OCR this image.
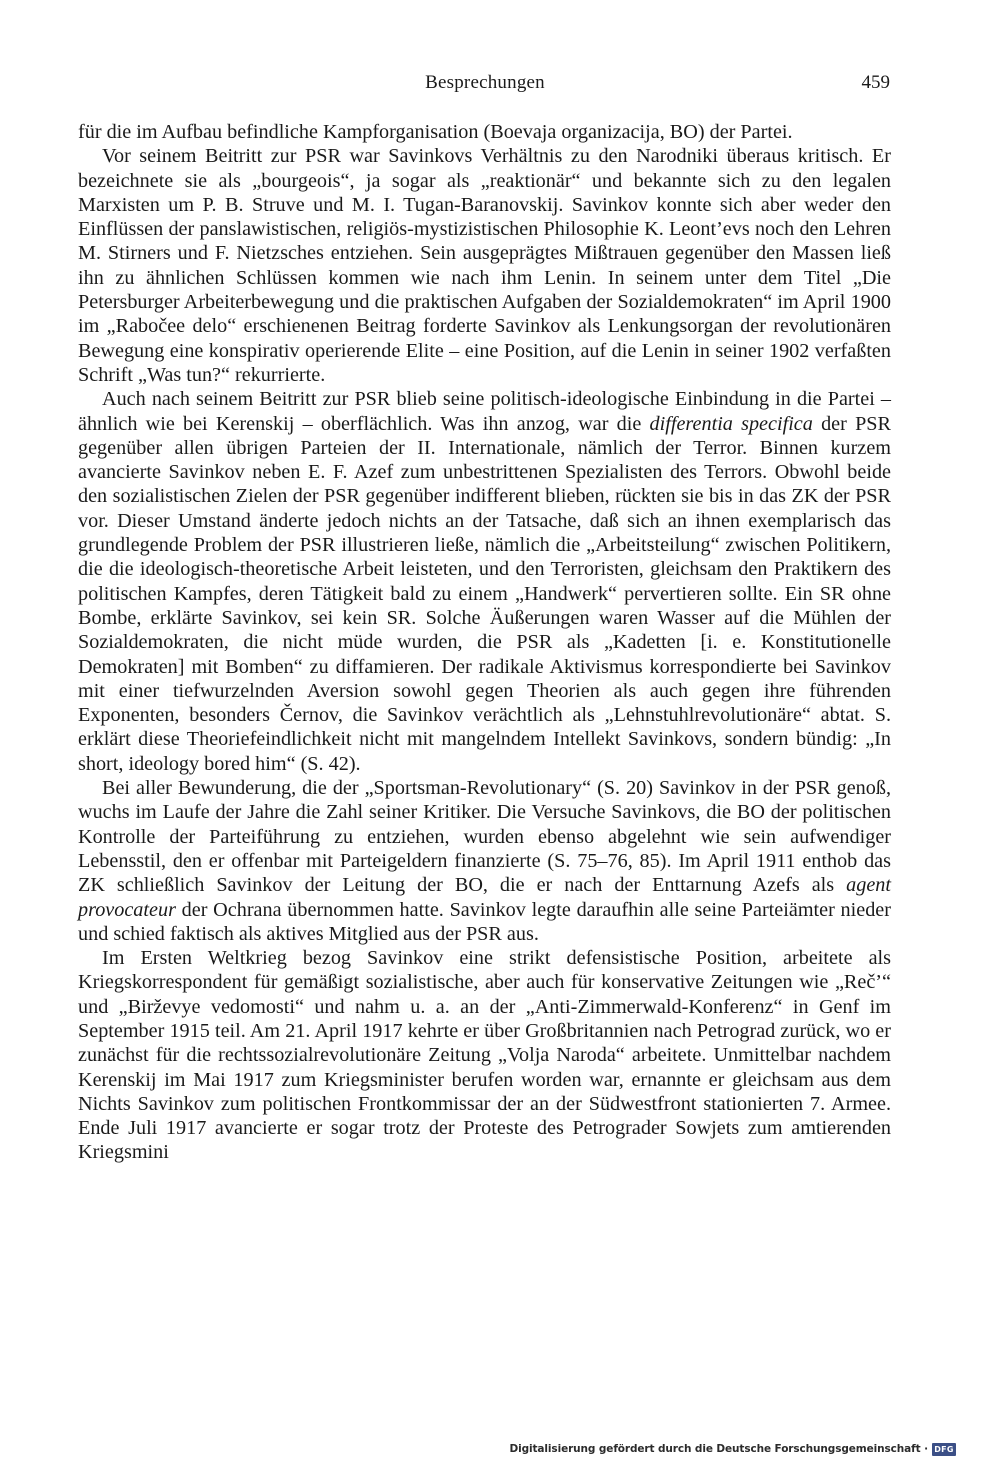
Besprechungen	459

für die im Aufbau befindliche Kampforganisation (Boevaja organizacija, BO) der Partei.

Vor seinem Beitritt zur PSR war Savinkovs Verhältnis zu den Narodniki überaus kritisch. Er bezeichnete sie als „bourgeois“, ja sogar als „reaktionär“ und bekannte sich zu den legalen Marxisten um P. B. Struve und M. I. Tugan-Baranovskij. Savinkov konnte sich aber weder den Einflüssen der panslawistischen, religiös-mystizistischen Philosophie K. Leont’evs noch den Lehren M. Stirners und F. Nietzsches entziehen. Sein ausgeprägtes Mißtrauen gegenüber den Massen ließ ihn zu ähnlichen Schlüssen kommen wie nach ihm Lenin. In seinem unter dem Titel „Die Petersburger Arbeiterbewegung und die praktischen Aufgaben der Sozialdemokraten“ im April 1900 im „Rabočee delo“ erschienenen Beitrag forderte Savinkov als Lenkungsorgan der revolutionären Bewegung eine konspirativ operierende Elite – eine Position, auf die Lenin in seiner 1902 verfaßten Schrift „Was tun?“ rekurrierte.

Auch nach seinem Beitritt zur PSR blieb seine politisch-ideologische Einbindung in die Partei – ähnlich wie bei Kerenskij – oberflächlich. Was ihn anzog, war die differentia specifica der PSR gegenüber allen übrigen Parteien der II. Internationale, nämlich der Terror. Binnen kurzem avancierte Savinkov neben E. F. Azef zum unbestrittenen Spezialisten des Terrors. Obwohl beide den sozialistischen Zielen der PSR gegenüber indifferent blieben, rückten sie bis in das ZK der PSR vor. Dieser Umstand änderte jedoch nichts an der Tatsache, daß sich an ihnen exemplarisch das grundlegende Problem der PSR illustrieren ließe, nämlich die „Arbeitsteilung“ zwischen Politikern, die die ideologisch-theoretische Arbeit leisteten, und den Terroristen, gleichsam den Praktikern des politischen Kampfes, deren Tätigkeit bald zu einem „Handwerk“ pervertieren sollte. Ein SR ohne Bombe, erklärte Savinkov, sei kein SR. Solche Äußerungen waren Wasser auf die Mühlen der Sozialdemokraten, die nicht müde wurden, die PSR als „Kadetten [i. e. Konstitutionelle Demokraten] mit Bomben“ zu diffamieren. Der radikale Aktivismus korrespondierte bei Savinkov mit einer tiefwurzelnden Aversion sowohl gegen Theorien als auch gegen ihre führenden Exponenten, besonders Černov, die Savinkov verächtlich als „Lehnstuhlrevolutionäre“ abtat. S. erklärt diese Theoriefeindlichkeit nicht mit mangelndem Intellekt Savinkovs, sondern bündig: „In short, ideology bored him“ (S. 42).

Bei aller Bewunderung, die der „Sportsman-Revolutionary“ (S. 20) Savinkov in der PSR genoß, wuchs im Laufe der Jahre die Zahl seiner Kritiker. Die Versuche Savinkovs, die BO der politischen Kontrolle der Parteiführung zu entziehen, wurden ebenso abgelehnt wie sein aufwendiger Lebensstil, den er offenbar mit Parteigeldern finanzierte (S. 75–76, 85). Im April 1911 enthob das ZK schließlich Savinkov der Leitung der BO, die er nach der Enttarnung Azefs als agent provocateur der Ochrana übernommen hatte. Savinkov legte daraufhin alle seine Parteiämter nieder und schied faktisch als aktives Mitglied aus der PSR aus.

Im Ersten Weltkrieg bezog Savinkov eine strikt defensistische Position, arbeitete als Kriegskorrespondent für gemäßigt sozialistische, aber auch für konservative Zeitungen wie „Reč’“ und „Birževye vedomosti“ und nahm u. a. an der „Anti-Zimmerwald-Konferenz“ in Genf im September 1915 teil. Am 21. April 1917 kehrte er über Großbritannien nach Petrograd zurück, wo er zunächst für die rechtssozialrevolutionäre Zeitung „Volja Naroda“ arbeitete. Unmittelbar nachdem Kerenskij im Mai 1917 zum Kriegsminister berufen worden war, ernannte er gleichsam aus dem Nichts Savinkov zum politischen Frontkommissar der an der Südwestfront stationierten 7. Armee. Ende Juli 1917 avancierte er sogar trotz der Proteste des Petrograder Sowjets zum amtierenden Kriegsmini

Digitalisierung gefördert durch die Deutsche Forschungsgemeinschaft · DFG
